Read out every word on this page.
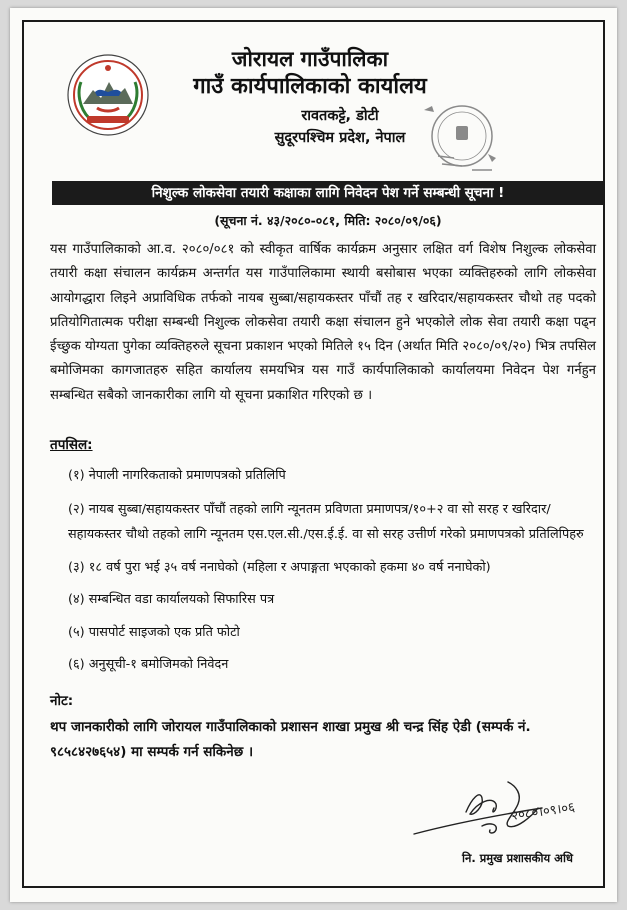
जोरायल गाउँपालिका
गाउँ कार्यपालिकाको कार्यालय
रावतकट्टे, डोटी
सुदूरपश्चिम प्रदेश, नेपाल
निशुल्क लोकसेवा तयारी कक्षाका लागि निवेदन पेश गर्ने सम्बन्धी सूचना !
(सूचना नं. ४३/२०८०-०८१, मिति: २०८०/०९/०६)
यस गाउँपालिकाको आ.व. २०८०/०८१ को स्वीकृत वार्षिक कार्यक्रम अनुसार लक्षित वर्ग विशेष निशुल्क लोकसेवा तयारी कक्षा संचालन कार्यक्रम अन्तर्गत यस गाउँपालिकामा स्थायी बसोबास भएका व्यक्तिहरुको लागि लोकसेवा आयोगद्धारा लिइने अप्राविधिक तर्फको नायब सुब्बा/सहायकस्तर पाँचौं तह र खरिदार/सहायकस्तर चौथो तह पदको प्रतियोगितात्मक परीक्षा सम्बन्धी निशुल्क लोकसेवा तयारी कक्षा संचालन हुने भएकोले लोक सेवा तयारी कक्षा पढ्न ईच्छुक योग्यता पुगेका व्यक्तिहरुले सूचना प्रकाशन भएको मितिले १५ दिन (अर्थात मिति २०८०/०९/२०) भित्र तपसिल बमोजिमका कागजातहरु सहित कार्यालय समयभित्र यस गाउँ कार्यपालिकाको कार्यालयमा निवेदन पेश गर्नहुन सम्बन्धित सबैको जानकारीका लागि यो सूचना प्रकाशित गरिएको छ ।
तपसिल:
(१) नेपाली नागरिकताको प्रमाणपत्रको प्रतिलिपि
(२) नायब सुब्बा/सहायकस्तर पाँचौं तहको लागि न्यूनतम प्रविणता प्रमाणपत्र/१०+२ वा सो सरह र खरिदार/सहायकस्तर चौथो तहको लागि न्यूनतम एस.एल.सी./एस.ई.ई. वा सो सरह उत्तीर्ण गरेको प्रमाणपत्रको प्रतिलिपिहरु
(३) १८ वर्ष पुरा भई ३५ वर्ष ननाघेको (महिला र अपाङ्गता भएकाको हकमा ४० वर्ष ननाघेको)
(४) सम्बन्धित वडा कार्यालयको सिफारिस पत्र
(५) पासपोर्ट साइजको एक प्रति फोटो
(६) अनुसूची-१ बमोजिमको निवेदन
नोट:
थप जानकारीको लागि जोरायल गाउँपालिकाको प्रशासन शाखा प्रमुख श्री चन्द्र सिंह ऐडी (सम्पर्क नं. ९८५८४२७६५४) मा सम्पर्क गर्न सकिनेछ ।
२०८०।०९।०६
नि. प्रमुख प्रशासकीय अधि
